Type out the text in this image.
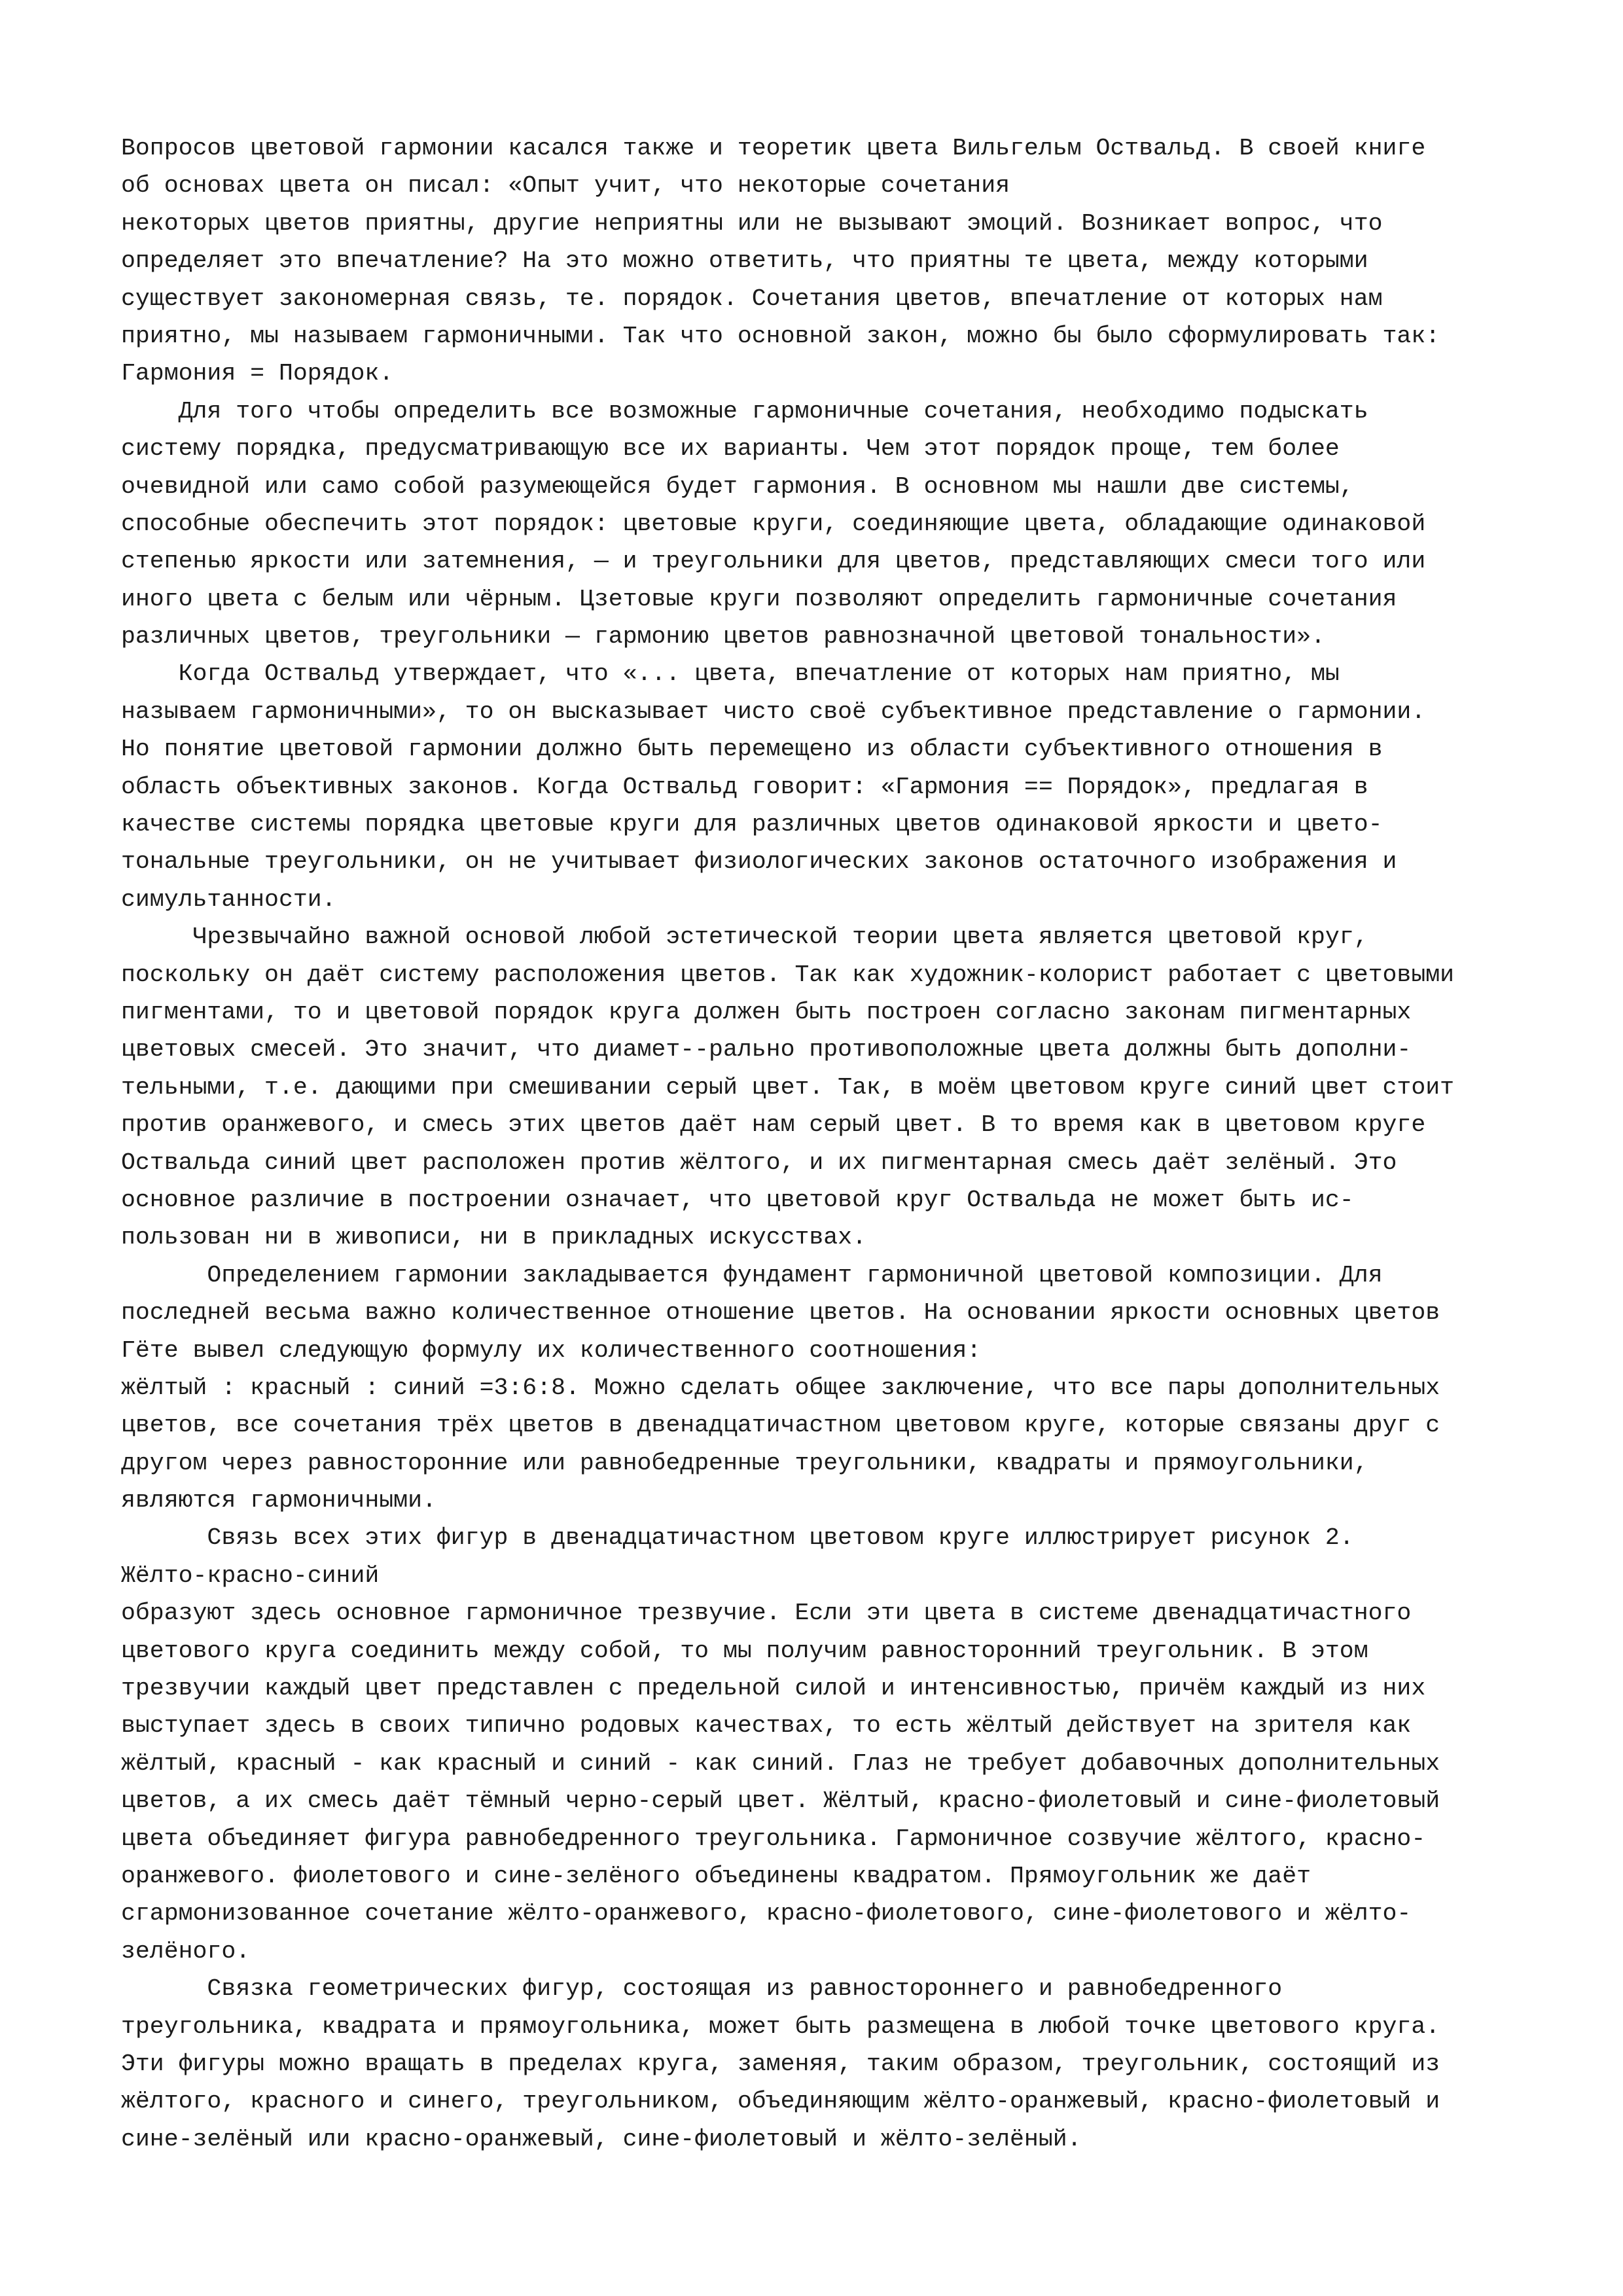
Вопросов цветовой гармонии касался также и теоретик цвета Вильгельм Оствальд. В своей книге
об основах цвета он писал: «Опыт учит, что некоторые сочетания
некоторых цветов приятны, другие неприятны или не вызывают эмоций. Возникает вопрос, что
определяет это впечатление? На это можно ответить, что приятны те цвета, между которыми
существует закономерная связь, те. порядок. Сочетания цветов, впечатление от которых нам
приятно, мы называем гармоничными. Так что основной закон, можно бы было сформулировать так:
Гармония = Порядок.
Для того чтобы определить все возможные гармоничные сочетания, необходимо подыскать
систему порядка, предусматривающую все их варианты. Чем этот порядок проще, тем более
очевидной или само собой разумеющейся будет гармония. В основном мы нашли две системы,
способные обеспечить этот порядок: цветовые круги, соединяющие цвета, обладающие одинаковой
степенью яркости или затемнения, — и треугольники для цветов, представляющих смеси того или
иного цвета с белым или чёрным. Цзетовые круги позволяют определить гармоничные сочетания
различных цветов, треугольники — гармонию цветов равнозначной цветовой тональности».
Когда Оствальд утверждает, что «... цвета, впечатление от которых нам приятно, мы
называем гармоничными», то он высказывает чисто своё субъективное представление о гармонии.
Но понятие цветовой гармонии должно быть перемещено из области субъективного отношения в
область объективных законов. Когда Оствальд говорит: «Гармония == Порядок», предлагая в
качестве системы порядка цветовые круги для различных цветов одинаковой яркости и цвето-
тональные треугольники, он не учитывает физиологических законов остаточного изображения и
симультанности.
Чрезвычайно важной основой любой эстетической теории цвета является цветовой круг,
поскольку он даёт систему расположения цветов. Так как художник-колорист работает с цветовыми
пигментами, то и цветовой порядок круга должен быть построен согласно законам пигментарных
цветовых смесей. Это значит, что диамет--рально противоположные цвета должны быть дополни-
тельными, т.е. дающими при смешивании серый цвет. Так, в моём цветовом круге синий цвет стоит
против оранжевого, и смесь этих цветов даёт нам серый цвет. В то время как в цветовом круге
Оствальда синий цвет расположен против жёлтого, и их пигментарная смесь даёт зелёный. Это
основное различие в построении означает, что цветовой круг Оствальда не может быть ис-
пользован ни в живописи, ни в прикладных искусствах.
Определением гармонии закладывается фундамент гармоничной цветовой композиции. Для
последней весьма важно количественное отношение цветов. На основании яркости основных цветов
Гёте вывел следующую формулу их количественного соотношения:
жёлтый : красный : синий =3:6:8. Можно сделать общее заключение, что все пары дополнительных
цветов, все сочетания трёх цветов в двенадцатичастном цветовом круге, которые связаны друг с
другом через равносторонние или равнобедренные треугольники, квадраты и прямоугольники,
являются гармоничными.
Связь всех этих фигур в двенадцатичастном цветовом круге иллюстрирует рисунок 2.
Жёлто-красно-синий
образуют здесь основное гармоничное трезвучие. Если эти цвета в системе двенадцатичастного
цветового круга соединить между собой, то мы получим равносторонний треугольник. В этом
трезвучии каждый цвет представлен с предельной силой и интенсивностью, причём каждый из них
выступает здесь в своих типично родовых качествах, то есть жёлтый действует на зрителя как
жёлтый, красный - как красный и синий - как синий. Глаз не требует добавочных дополнительных
цветов, а их смесь даёт тёмный черно-серый цвет. Жёлтый, красно-фиолетовый и сине-фиолетовый
цвета объединяет фигура равнобедренного треугольника. Гармоничное созвучие жёлтого, красно-
оранжевого. фиолетового и сине-зелёного объединены квадратом. Прямоугольник же даёт
сгармонизованное сочетание жёлто-оранжевого, красно-фиолетового, сине-фиолетового и жёлто-
зелёного.
Связка геометрических фигур, состоящая из равностороннего и равнобедренного
треугольника, квадрата и прямоугольника, может быть размещена в любой точке цветового круга.
Эти фигуры можно вращать в пределах круга, заменяя, таким образом, треугольник, состоящий из
жёлтого, красного и синего, треугольником, объединяющим жёлто-оранжевый, красно-фиолетовый и
сине-зелёный или красно-оранжевый, сине-фиолетовый и жёлто-зелёный.
